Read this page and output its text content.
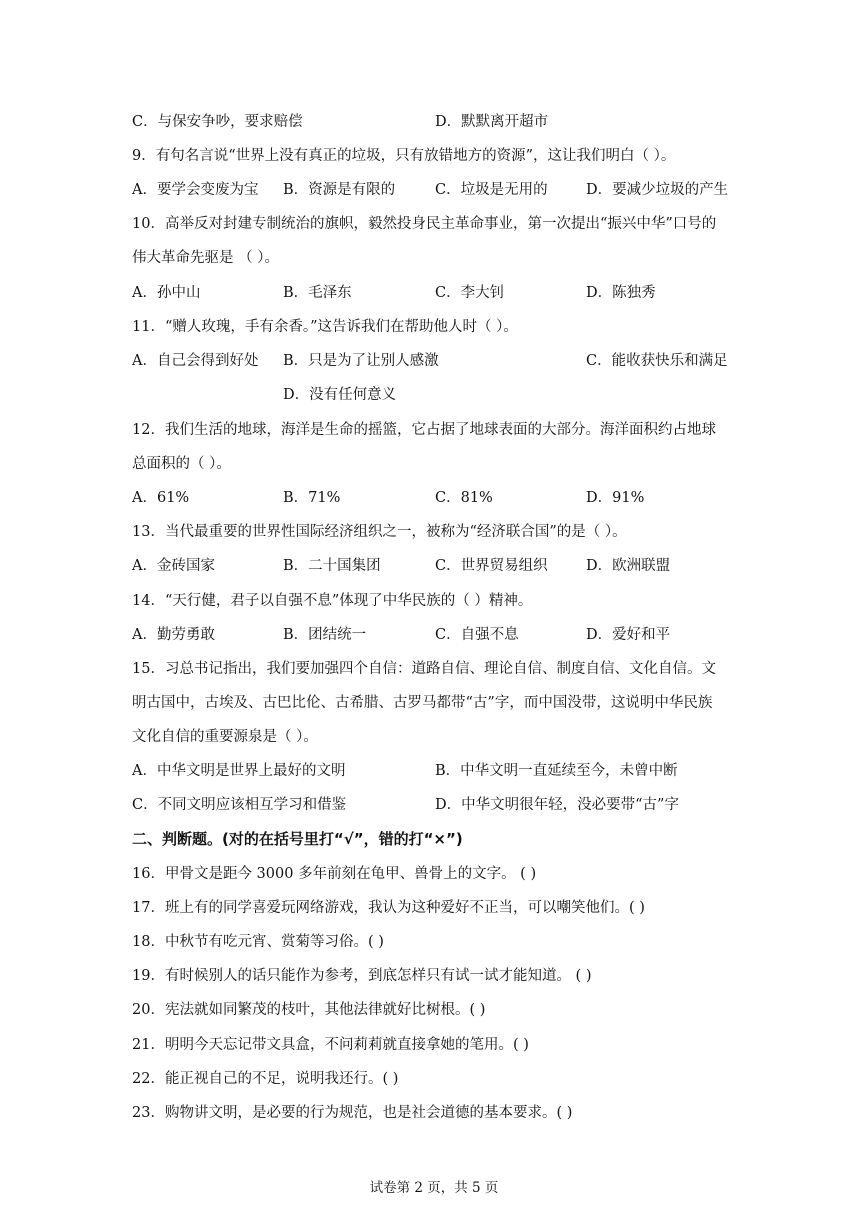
C．与保安争吵，要求赔偿	D．默默离开超市
9．有句名言说“世界上没有真正的垃圾，只有放错地方的资源”，这让我们明白（ ）。
A．要学会变废为宝 B．资源是有限的	C．垃圾是无用的	D．要减少垃圾的产生
10．高举反对封建专制统治的旗帜，毅然投身民主革命事业，第一次提出“振兴中华”口号的
伟大革命先驱是 （ ）。
A．孙中山	B．毛泽东	C．李大钊	D．陈独秀
11．“赠人玫瑰，手有余香。”这告诉我们在帮助他人时（ ）。
A．自己会得到好处 B．只是为了让别人感激	C．能收获快乐和满足
D．没有任何意义
12．我们生活的地球，海洋是生命的摇篮，它占据了地球表面的大部分。海洋面积约占地球
总面积的（ ）。
A．61%	B．71%	C．81%	D．91%
13．当代最重要的世界性国际经济组织之一，被称为“经济联合国”的是（ ）。
A．金砖国家	B．二十国集团	C．世界贸易组织	D．欧洲联盟
14．“天行健，君子以自强不息”体现了中华民族的（ ）精神。
A．勤劳勇敢	B．团结统一	C．自强不息	D．爱好和平
15．习总书记指出，我们要加强四个自信：道路自信、理论自信、制度自信、文化自信。文
明古国中，古埃及、古巴比伦、古希腊、古罗马都带“古”字，而中国没带，这说明中华民族
文化自信的重要源泉是（ ）。
A．中华文明是世界上最好的文明	B．中华文明一直延续至今，未曾中断
C．不同文明应该相互学习和借鉴	D．中华文明很年轻，没必要带“古”字
二、判断题。(对的在括号里打“√”，错的打“×”)
16．甲骨文是距今 3000 多年前刻在龟甲、兽骨上的文字。 ( )
17．班上有的同学喜爱玩网络游戏，我认为这种爱好不正当，可以嘲笑他们。( )
18．中秋节有吃元宵、赏菊等习俗。( )
19．有时候别人的话只能作为参考，到底怎样只有试一试才能知道。 ( )
20．宪法就如同繁茂的枝叶，其他法律就好比树根。( )
21．明明今天忘记带文具盒，不问莉莉就直接拿她的笔用。( )
22．能正视自己的不足，说明我还行。( )
23．购物讲文明，是必要的行为规范，也是社会道德的基本要求。( )
试卷第 2 页，共 5 页
